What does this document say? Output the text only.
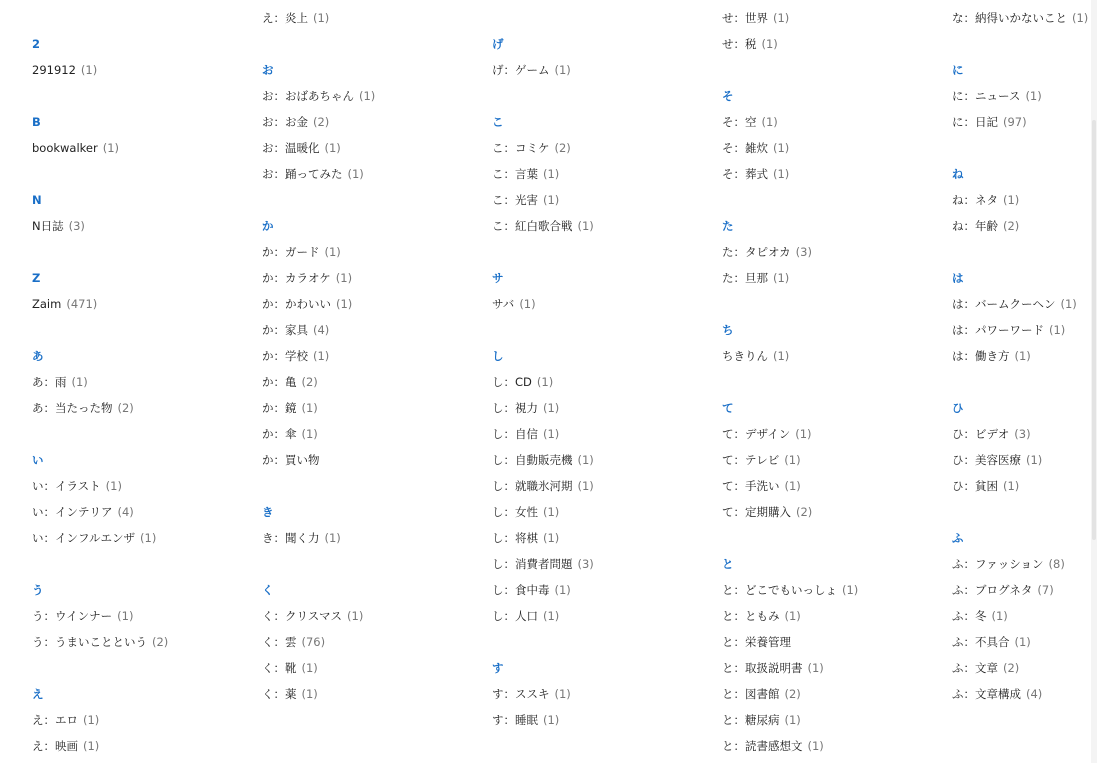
2
291912 (1)
B
bookwalker (1)
N
N日誌 (3)
Z
Zaim (471)
あ
あ：雨 (1)
あ：当たった物 (2)
い
い：イラスト (1)
い：インテリア (4)
い：インフルエンザ (1)
う
う：ウインナー (1)
う：うまいことという (2)
え
え：エロ (1)
え：映画 (1)
え：炎上 (1)
お
お：おばあちゃん (1)
お：お金 (2)
お：温暖化 (1)
お：踊ってみた (1)
か
か：ガード (1)
か：カラオケ (1)
か：かわいい (1)
か：家具 (4)
か：学校 (1)
か：亀 (2)
か：鏡 (1)
か：傘 (1)
か：買い物
き
き：聞く力 (1)
く
く：クリスマス (1)
く：雲 (76)
く：靴 (1)
く：薬 (1)
げ
げ：ゲーム (1)
こ
こ：コミケ (2)
こ：言葉 (1)
こ：光害 (1)
こ：紅白歌合戦 (1)
サ
サバ (1)
し
し：CD (1)
し：視力 (1)
し：自信 (1)
し：自動販売機 (1)
し：就職氷河期 (1)
し：女性 (1)
し：将棋 (1)
し：消費者問題 (3)
し：食中毒 (1)
し：人口 (1)
す
す：ススキ (1)
す：睡眠 (1)
せ：世界 (1)
せ：税 (1)
そ
そ：空 (1)
そ：雑炊 (1)
そ：葬式 (1)
た
た：タピオカ (3)
た：旦那 (1)
ち
ちきりん (1)
て
て：デザイン (1)
て：テレビ (1)
て：手洗い (1)
て：定期購入 (2)
と
と：どこでもいっしょ (1)
と：ともみ (1)
と：栄養管理
と：取扱説明書 (1)
と：図書館 (2)
と：糖尿病 (1)
と：読書感想文 (1)
な：納得いかないこと (1)
に
に：ニュース (1)
に：日記 (97)
ね
ね：ネタ (1)
ね：年齢 (2)
は
は：バームクーヘン (1)
は：パワーワード (1)
は：働き方 (1)
ひ
ひ：ビデオ (3)
ひ：美容医療 (1)
ひ：貧困 (1)
ふ
ふ：ファッション (8)
ふ：ブログネタ (7)
ふ：冬 (1)
ふ：不具合 (1)
ふ：文章 (2)
ふ：文章構成 (4)
